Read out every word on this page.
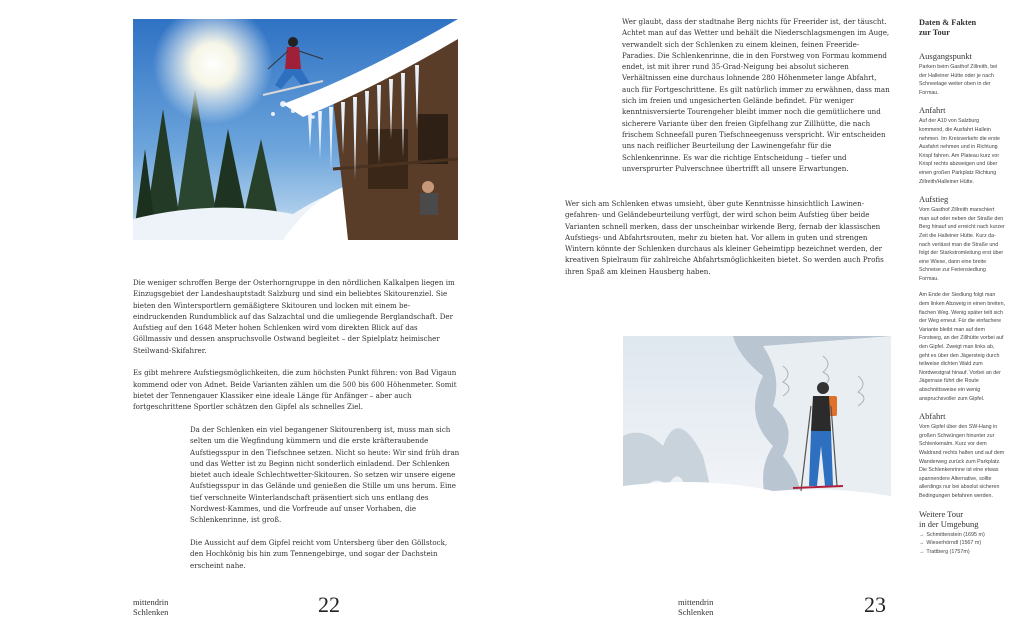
Die weniger schroffen Berge der Osterhorngruppe in den nördlichen Kalkalpen liegen im Einzugsgebiet der Landeshauptstadt Salzburg und sind ein beliebtes Skitourenziel. Sie bieten den Wintersportlern gemäßigtere Skitouren und locken mit einem beeindruckenden Rundumblick auf das Salzachtal und die umliegende Berglandschaft. Der Aufstieg auf den 1648 Meter hohen Schlenken wird vom direkten Blick auf das Göllmassiv und dessen anspruchsvolle Ostwand begleitet – der Spielplatz heimischer Steilwand-Skifahrer.

Es gibt mehrere Aufstiegsmöglichkeiten, die zum höchsten Punkt führen: von Bad Vigaun kommend oder von Adnet. Beide Varianten zählen um die 500 bis 600 Höhenmeter. Somit bietet der Tennengauer Klassiker eine ideale Länge für Anfänger – aber auch fortgeschrittene Sportler schätzen den Gipfel als schnelles Ziel.

Da der Schlenken ein viel begangener Skitourenberg ist, muss man sich selten um die Wegfindung kümmern und die erste kräfteraubende Aufstiegsspur in den Tiefschnee setzen. Nicht so heute: Wir sind früh dran und das Wetter ist zu Beginn nicht sonderlich einladend. Der Schlenken bietet auch ideale Schlechtwetter-Skitouren. So setzen wir unsere eigene Aufstiegsspur in das Gelände und genießen die Stille um uns herum. Eine tief verschneite Winterlandschaft präsentiert sich uns entlang des Nordwest-Kammes, und die Vorfreude auf unser Vorhaben, die Schlenkenrinne, ist groß.

Die Aussicht auf dem Gipfel reicht vom Untersberg über den Göllstock, den Hochkönig bis hin zum Tennengebirge, und sogar der Dachstein erscheint nahe.

mittendrin
Schlenken	22

Wer glaubt, dass der stadtnahe Berg nichts für Freerider ist, der täuscht. Achtet man auf das Wetter und behält die Niederschlagsmengen im Auge, verwandelt sich der Schlenken zu einem kleinen, feinen Freeride-Paradies. Die Schlenkenrinne, die in den Forstweg von Formau kommend endet, ist mit ihrer rund 35-Grad-Neigung bei absolut sicheren Verhältnissen eine durchaus lohnende 280 Höhenmeter lange Abfahrt, auch für Fortgeschrittene. Es gilt natürlich immer zu erwähnen, dass man sich im freien und ungesicherten Gelände befindet. Für weniger kenntnisversierte Tourengeher bleibt immer noch die gemütlichere und sicherere Variante über den freien Gipfelhang zur Zillhütte, die nach frischem Schneefall puren Tiefschneegenuss verspricht. Wir entscheiden uns nach reiflicher Beurteilung der Lawinengefahr für die Schlenkenrinne. Es war die richtige Entscheidung – tiefer und unversprurter Pulverschnee übertrifft all unsere Erwartungen.

Wer sich am Schlenken etwas umsieht, über gute Kenntnisse hinsichtlich Lawinengefahren- und Geländebeurteilung verfügt, der wird schon beim Aufstieg über beide Varianten schnell merken, dass der unscheinbar wirkende Berg, fernab der klassischen Aufstiegs- und Abfahrtsrouten, mehr zu bieten hat. Vor allem in guten und strengen Wintern könnte der Schlenken durchaus als kleiner Geheimtipp bezeichnet werden, der kreativen Spielraum für zahlreiche Abfahrtsmöglichkeiten bietet. So werden auch Profis ihren Spaß am kleinen Hausberg haben.

mittendrin
Schlenken	23
Daten & Fakten
zur Tour
Ausgangspunkt
Parken beim Gasthof Zillreith, bei der Halleiner Hütte oder je nach Schneelage weiter oben in der Formau.
Anfahrt
Auf der A10 von Salzburg kommend, die Ausfahrt Hallein nehmen. Im Kreisverkehr die erste Ausfahrt nehmen und in Richtung Krispl fahren. Am Plateau kurz vor Krispl rechts abzweigen und über einen großen Parkplatz Richtung Zillreith/Halleiner Hütte.
Aufstieg
Vom Gasthof Zillreith marschiert man auf oder neben der Straße den Berg hinauf und erreicht nach kurzer Zeit die Halleiner Hütte. Kurz danach verlässt man die Straße und folgt der Starkstromleitung erst über eine Wiese, dann eine breite Schneise zur Feriensiedlung Formau.
Am Ende der Siedlung folgt man dem linken Abzweig in einen breiten, flachen Weg. Wenig später teilt sich der Weg erneut. Für die einfachere Variante bleibt man auf dem Forstweg, an der Zillhütte vorbei auf den Gipfel. Zweigt man links ab, geht es über den Jägersteig durch teilweise dichten Wald zum Nordwestgrat hinauf. Vorbei an der Jägerrase führt die Route abschnittsweise ein wenig anspruchsvoller zum Gipfel.
Abfahrt
Vom Gipfel über den SW-Hang in großen Schwüngen hinunter zur Schlenkenalm. Kurz vor dem Waldrand rechts halten und auf dem Wanderweg zurück zum Parkplatz. Die Schlenkenrinne ist eine etwas spannendere Alternative, sollte allerdings nur bei absolut sicheren Bedingungen befahren werden.
Weitere Tour
in der Umgebung
→ Schmittenstein (1695 m)
→ Wieserhörndl (1567 m)
→ Trattberg (1757m)
